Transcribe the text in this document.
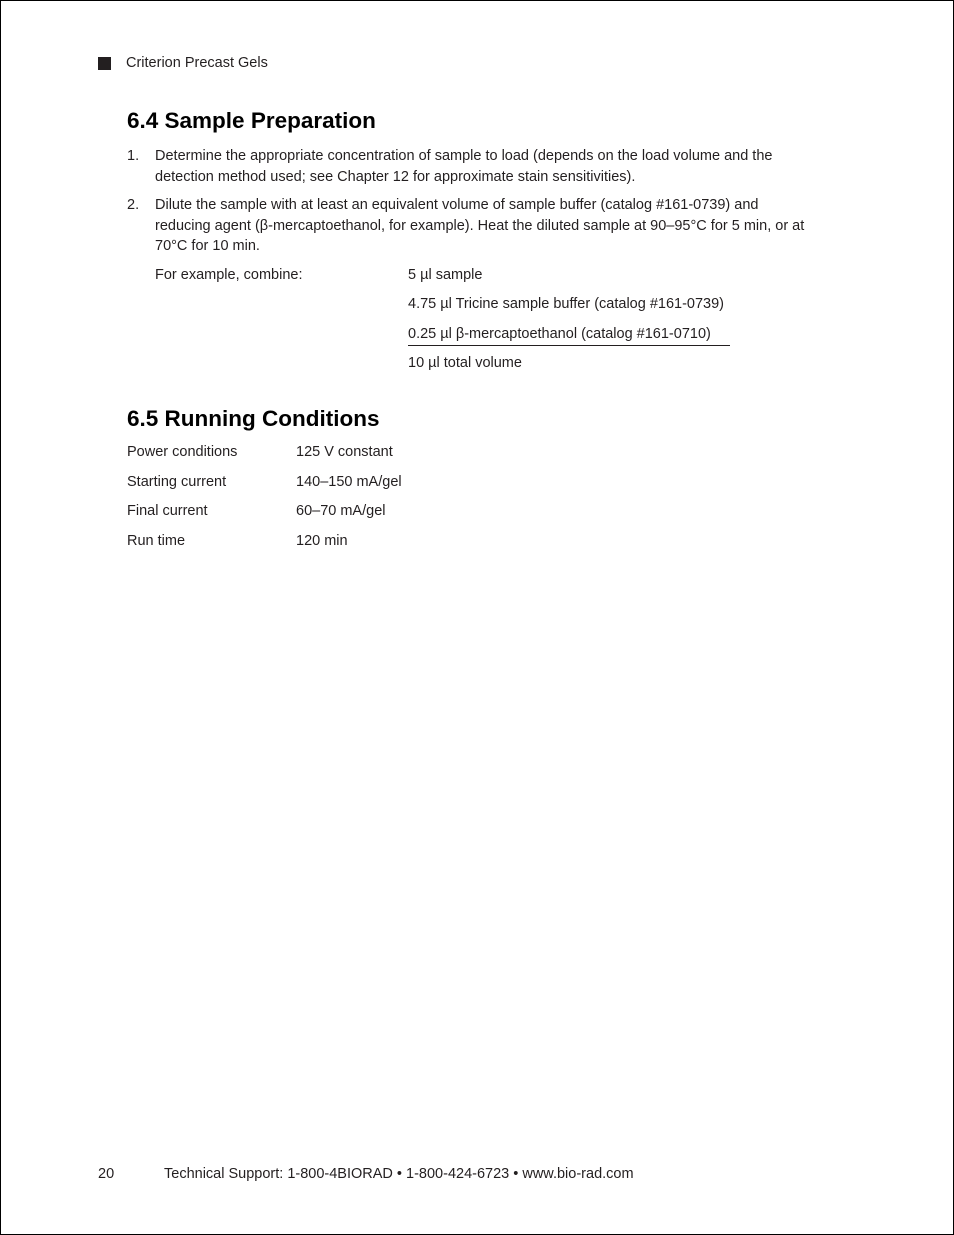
Criterion Precast Gels
6.4 Sample Preparation
1.	Determine the appropriate concentration of sample to load (depends on the load volume and the detection method used; see Chapter 12 for approximate stain sensitivities).
2.	Dilute the sample with at least an equivalent volume of sample buffer (catalog #161-0739) and reducing agent (β-mercaptoethanol, for example). Heat the diluted sample at 90–95°C for 5 min, or at 70°C for 10 min.
For example, combine:	5 µl sample
4.75 µl Tricine sample buffer (catalog #161-0739)
0.25 µl β-mercaptoethanol (catalog #161-0710)
10 µl total volume
6.5 Running Conditions
Power conditions	125 V constant
Starting current	140–150 mA/gel
Final current	60–70 mA/gel
Run time	120 min
20	Technical Support: 1-800-4BIORAD • 1-800-424-6723 • www.bio-rad.com
